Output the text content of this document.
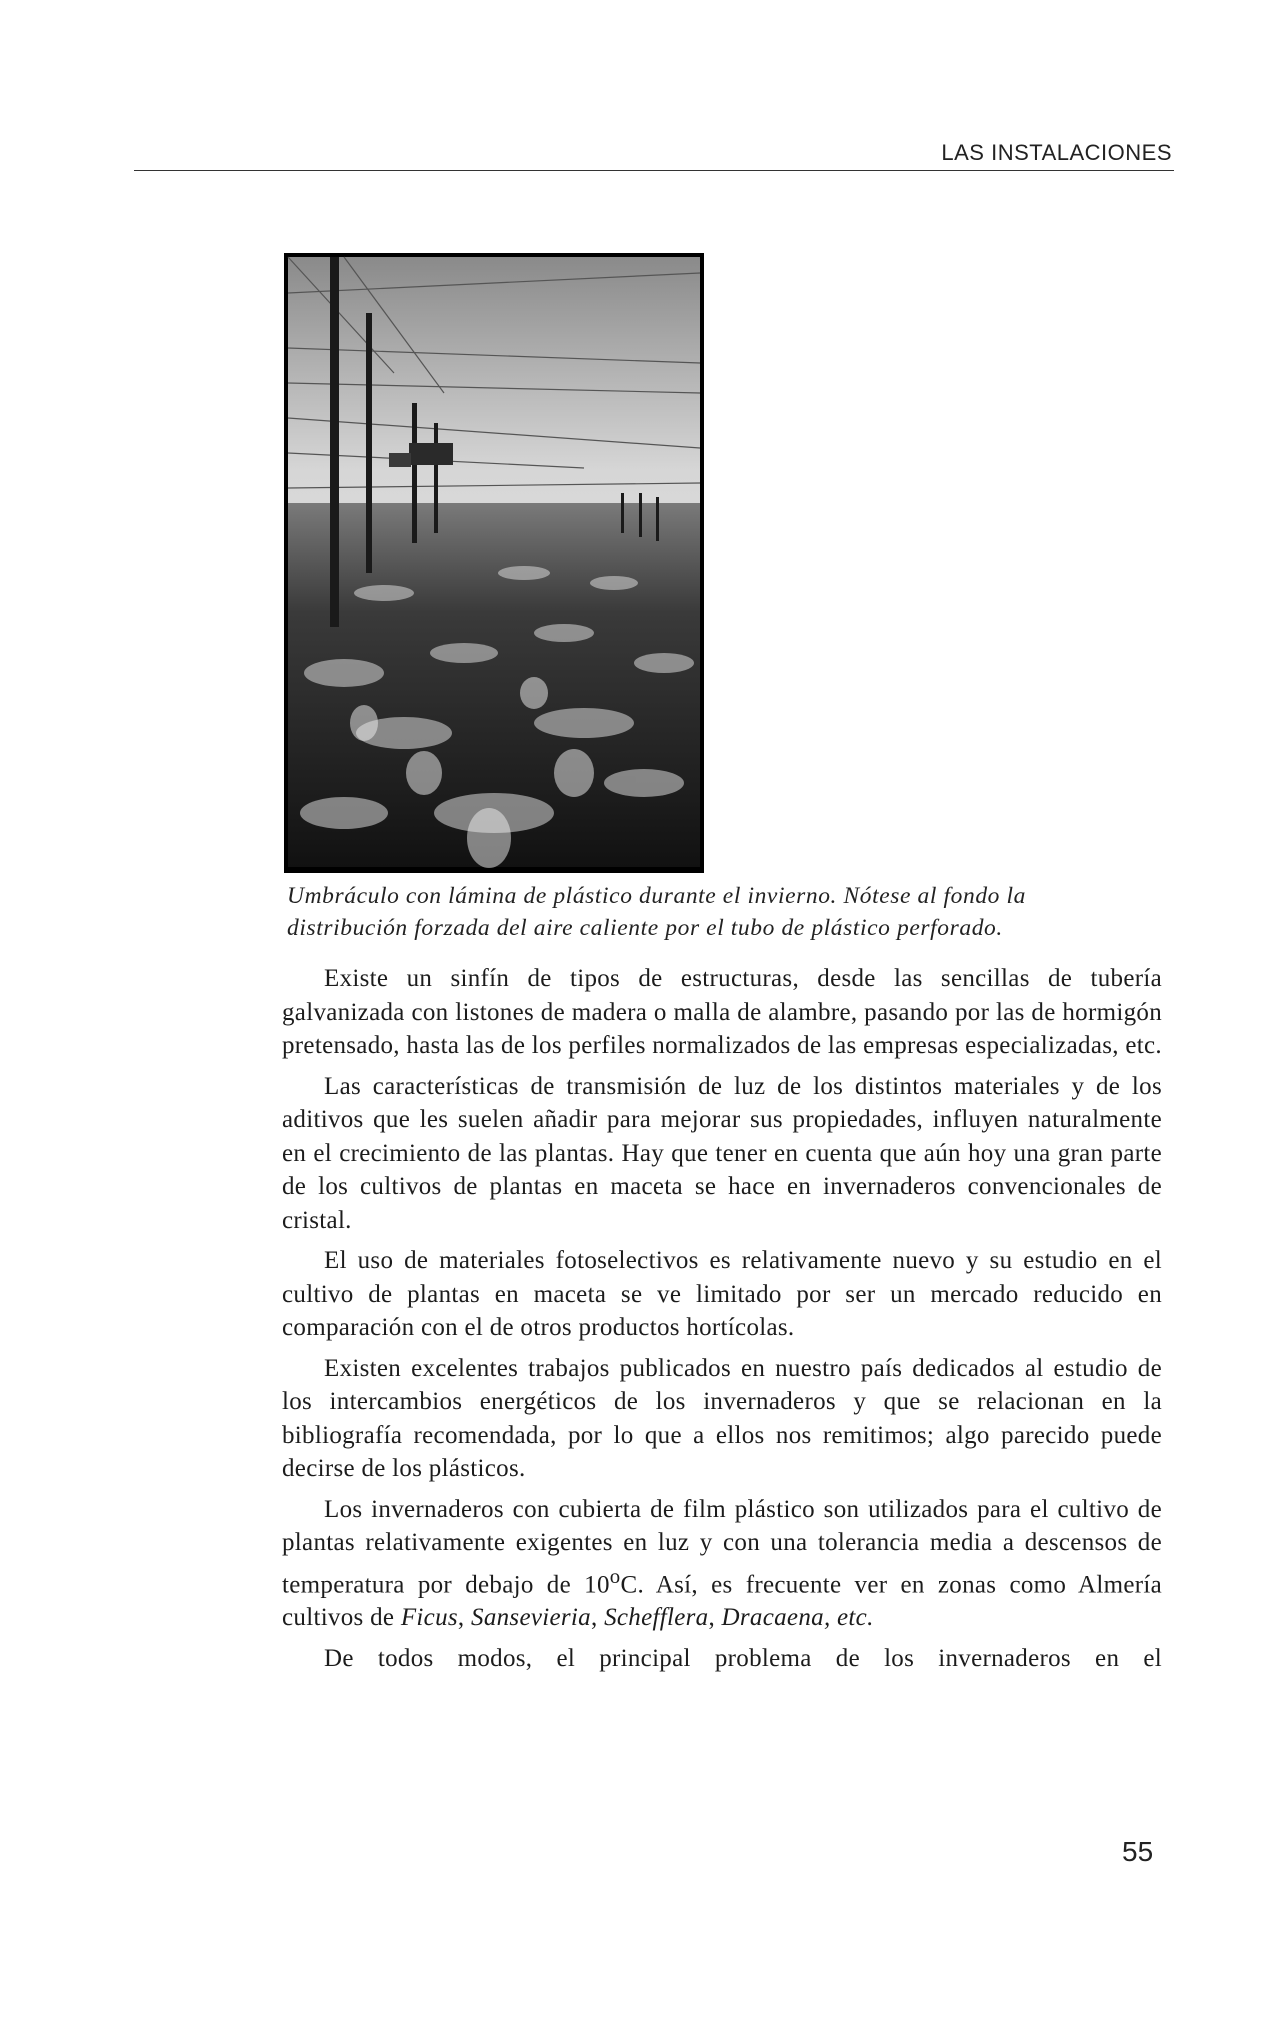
LAS INSTALACIONES
Umbráculo con lámina de plástico durante el invierno. Nótese al fondo la
distribución forzada del aire caliente por el tubo de plástico perforado.

Existe un sinfín de tipos de estructuras, desde las sencillas de tubería galvanizada con listones de madera o malla de alambre, pasando por las de hormigón pretensado, hasta las de los perfiles normalizados de las empresas especializadas, etc.

Las características de transmisión de luz de los distintos materiales y de los aditivos que les suelen añadir para mejorar sus propiedades, influyen naturalmente en el crecimiento de las plantas. Hay que tener en cuenta que aún hoy una gran parte de los cultivos de plantas en maceta se hace en invernaderos convencionales de cristal.

El uso de materiales fotoselectivos es relativamente nuevo y su estudio en el cultivo de plantas en maceta se ve limitado por ser un mercado reducido en comparación con el de otros productos hortícolas.

Existen excelentes trabajos publicados en nuestro país dedicados al estudio de los intercambios energéticos de los invernaderos y que se relacionan en la bibliografía recomendada, por lo que a ellos nos remitimos; algo parecido puede decirse de los plásticos.

Los invernaderos con cubierta de film plástico son utilizados para el cultivo de plantas relativamente exigentes en luz y con una tolerancia media a descensos de temperatura por debajo de 10$^o$C. Así, es frecuente ver en zonas como Almería cultivos de Ficus, Sansevieria, Schefflera, Dracaena, etc.

De todos modos, el principal problema de los invernaderos en el

55
